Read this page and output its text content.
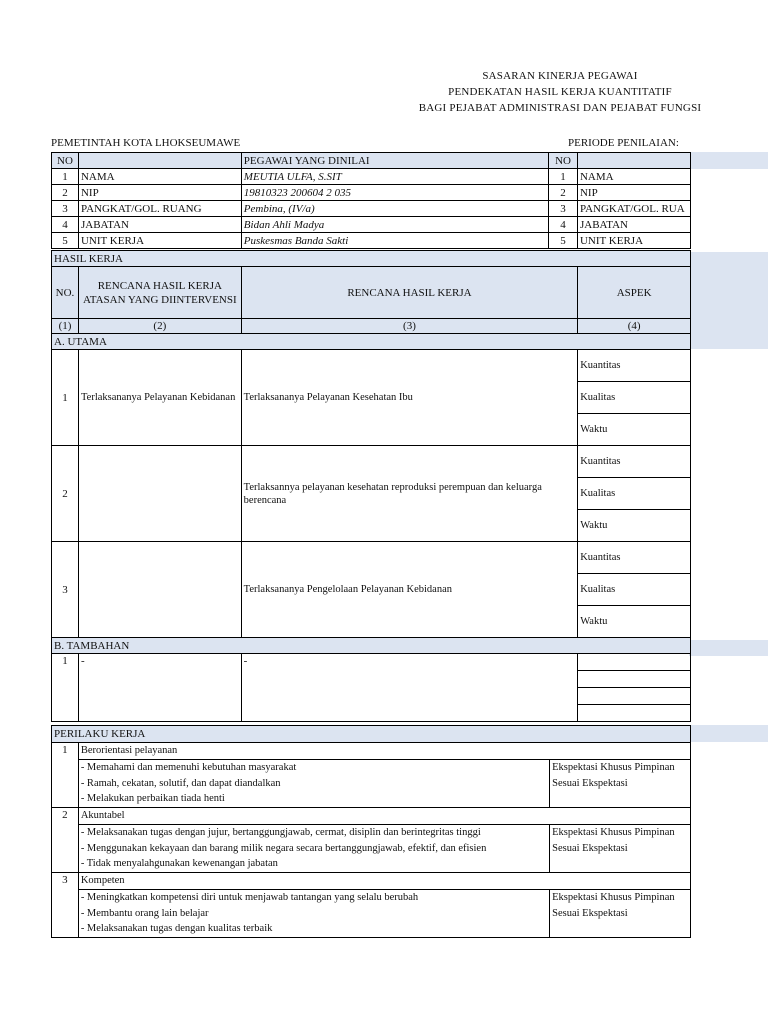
SASARAN KINERJA PEGAWAI
PENDEKATAN HASIL KERJA KUANTITATIF
BAGI PEJABAT ADMINISTRASI DAN PEJABAT FUNGSI
PEMETINTAH KOTA LHOKSEUMAWE	PERIODE PENILAIAN:
NO		PEGAWAI YANG DINILAI	NO	
1	NAMA	MEUTIA ULFA, S.SIT	1	NAMA
2	NIP	19810323 200604 2 035	2	NIP
3	PANGKAT/GOL. RUANG	Pembina, (IV/a)	3	PANGKAT/GOL. RUA
4	JABATAN	Bidan Ahli Madya	4	JABATAN
5	UNIT KERJA	Puskesmas Banda Sakti	5	UNIT KERJA
HASIL KERJA			
NO.	RENCANA HASIL KERJA ATASAN YANG DIINTERVENSI	RENCANA HASIL KERJA	ASPEK
(1)	(2)	(3)	(4)
A. UTAMA			
1	Terlaksananya Pelayanan Kebidanan	Terlaksananya Pelayanan Kesehatan Ibu	Kuantitas
			Kualitas
			Waktu
2		Terlaksannya pelayanan kesehatan reproduksi perempuan dan keluarga berencana	Kuantitas
			Kualitas
			Waktu
3		Terlaksananya Pengelolaan Pelayanan Kebidanan	Kuantitas
			Kualitas
			Waktu
B. TAMBAHAN			
1	-	-	

PERILAKU KERJA		
1	Berorientasi pelayanan	
	- Memahami dan memenuhi kebutuhan masyarakat	Ekspektasi Khusus Pimpinan
	- Ramah, cekatan, solutif, dan dapat diandalkan	Sesuai Ekspektasi
	- Melakukan perbaikan tiada henti	
2	Akuntabel	
	- Melaksanakan tugas dengan jujur, bertanggungjawab, cermat, disiplin dan berintegritas tinggi	Ekspektasi Khusus Pimpinan
	- Menggunakan kekayaan dan barang milik negara secara bertanggungjawab, efektif, dan efisien	Sesuai Ekspektasi
	- Tidak menyalahgunakan kewenangan jabatan	
3	Kompeten	
	- Meningkatkan kompetensi diri untuk menjawab tantangan yang selalu berubah	Ekspektasi Khusus Pimpinan
	- Membantu orang lain belajar	Sesuai Ekspektasi
	- Melaksanakan tugas dengan kualitas terbaik	
